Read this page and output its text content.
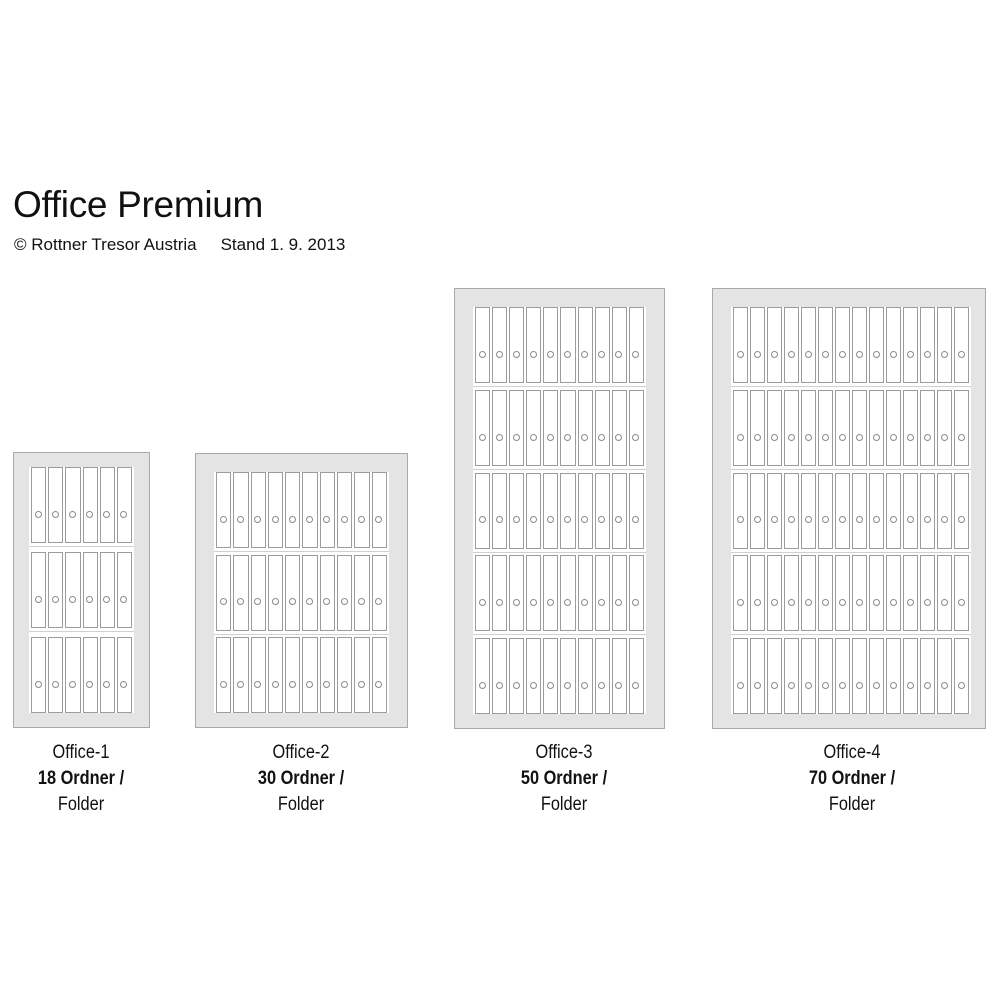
Office Premium
© Rottner Tresor Austria Stand 1. 9. 2013
Office-1
18 Ordner /
Folder
Office-2
30 Ordner /
Folder
Office-3
50 Ordner /
Folder
Office-4
70 Ordner /
Folder
